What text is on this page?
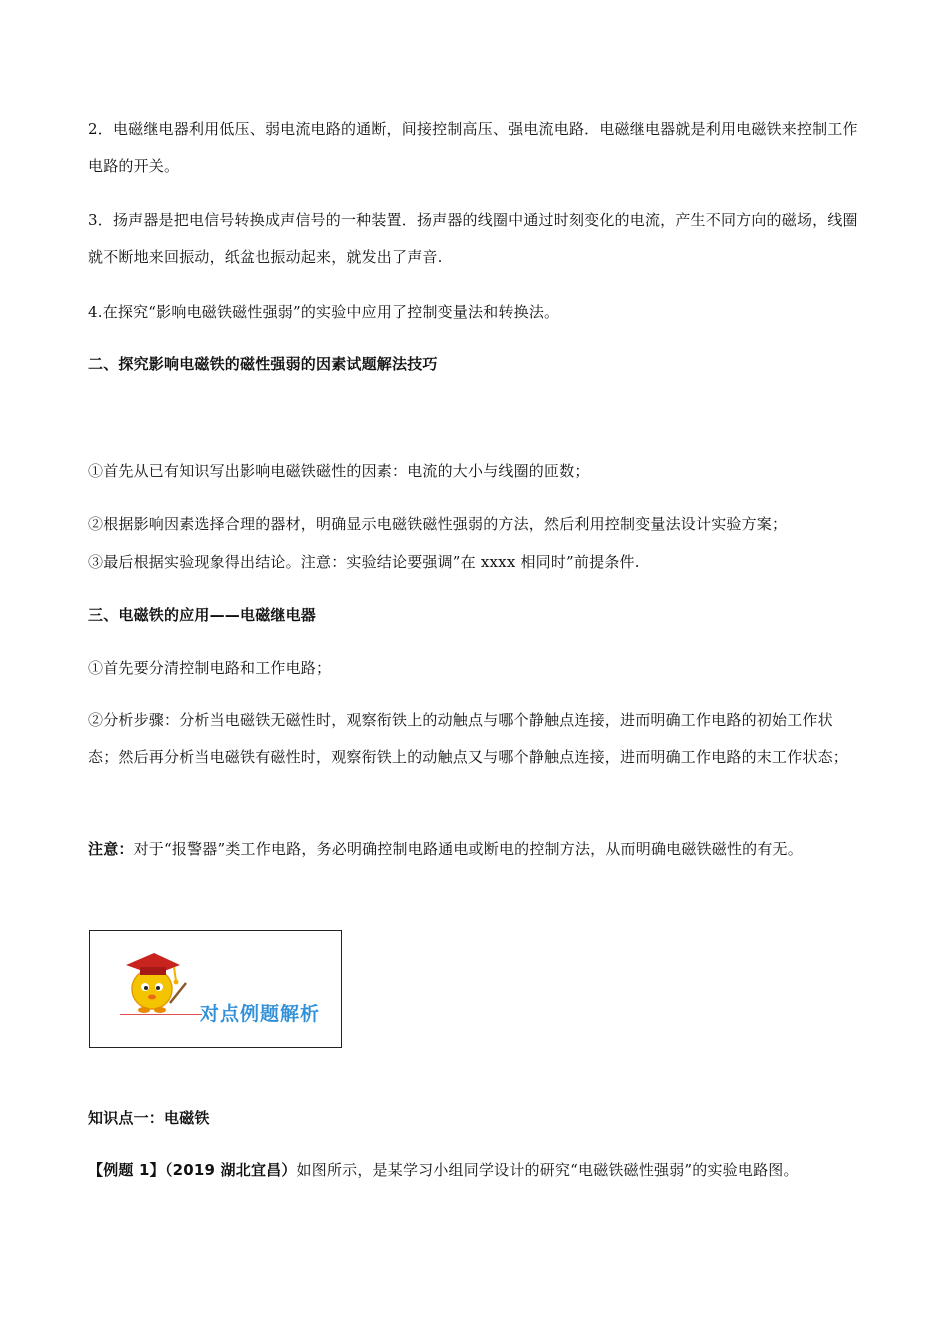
2．电磁继电器利用低压、弱电流电路的通断，间接控制高压、强电流电路．电磁继电器就是利用电磁铁来控制工作电路的开关。

3．扬声器是把电信号转换成声信号的一种装置．扬声器的线圈中通过时刻变化的电流，产生不同方向的磁场，线圈就不断地来回振动，纸盆也振动起来，就发出了声音.

4.在探究“影响电磁铁磁性强弱”的实验中应用了控制变量法和转换法。

二、探究影响电磁铁的磁性强弱的因素试题解法技巧

①首先从已有知识写出影响电磁铁磁性的因素：电流的大小与线圈的匝数；

②根据影响因素选择合理的器材，明确显示电磁铁磁性强弱的方法，然后利用控制变量法设计实验方案；

③最后根据实验现象得出结论。注意：实验结论要强调”在 xxxx 相同时”前提条件.

三、电磁铁的应用——电磁继电器

①首先要分清控制电路和工作电路；

②分析步骤：分析当电磁铁无磁性时，观察衔铁上的动触点与哪个静触点连接，进而明确工作电路的初始工作状态；然后再分析当电磁铁有磁性时，观察衔铁上的动触点又与哪个静触点连接，进而明确工作电路的末工作状态；

注意：对于“报警器”类工作电路，务必明确控制电路通电或断电的控制方法，从而明确电磁铁磁性的有无。

对点例题解析

知识点一：电磁铁

【例题 1】（2019 湖北宜昌）如图所示，是某学习小组同学设计的研究“电磁铁磁性强弱”的实验电路图。
